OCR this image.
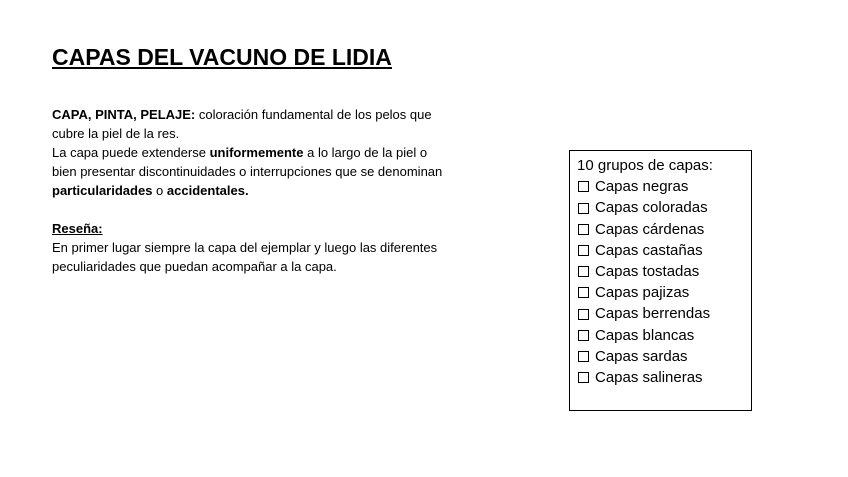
CAPAS DEL VACUNO DE LIDIA

CAPA, PINTA, PELAJE: coloración fundamental de los pelos que cubre la piel de la res.

La capa puede extenderse uniformemente a lo largo de la piel o bien presentar discontinuidades o interrupciones que se denominan particularidades o accidentales.

Reseña:

En primer lugar siempre la capa del ejemplar y luego las diferentes peculiaridades que puedan acompañar a la capa.

10 grupos de capas:
Capas negras
Capas coloradas
Capas cárdenas
Capas castañas
Capas tostadas
Capas pajizas
Capas berrendas
Capas blancas
Capas sardas
Capas salineras
